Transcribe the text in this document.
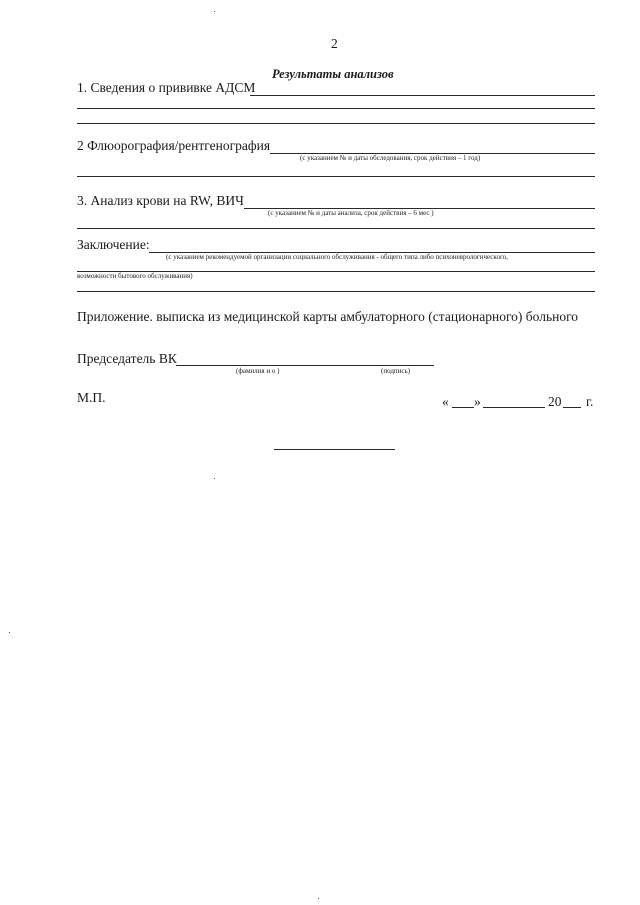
2
Результаты анализов
1. Сведения о прививке АДСМ
2 Флюорография/рентгенография
(с указанием № и даты обследования, срок действия – 1 год)
3. Анализ крови на RW, ВИЧ
(с указанием № и даты анализа, срок действия – 6 мес )
Заключение:
(с указанием рекомендуемой организации социального обслуживания - общего типа либо психоневрологического,
возможности бытового обслуживания)
Приложение. выписка из медицинской карты амбулаторного (стационарного) больного
Председатель ВК
(фамилия и о )	(подпись)
М.П.	« »	20 г.
